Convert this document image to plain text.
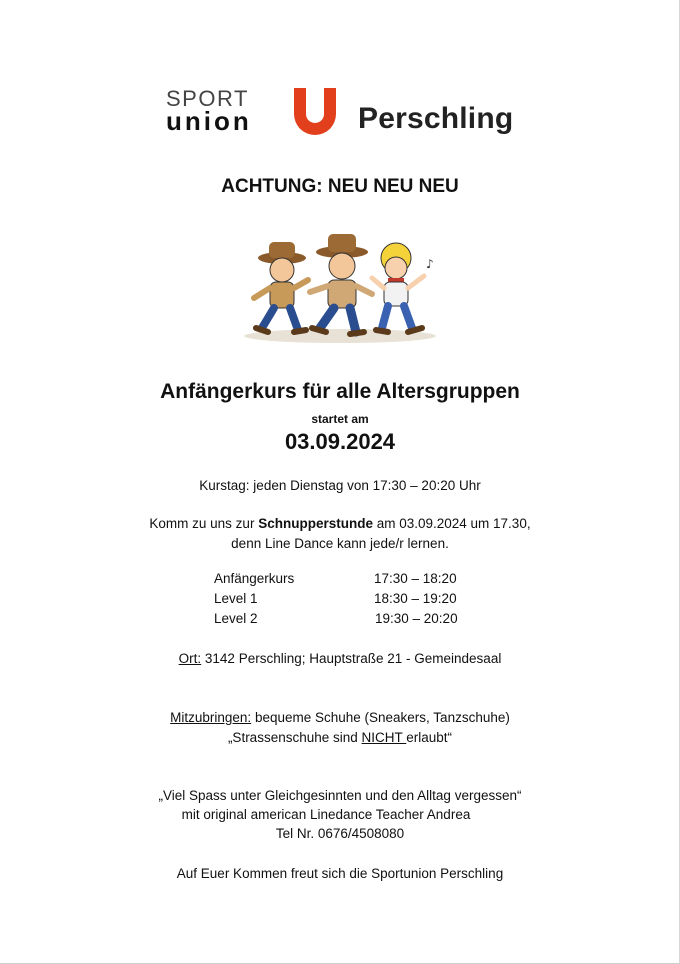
SPORT
union	Perschling
ACHTUNG: NEU NEU NEU
♪
Anfängerkurs für alle Altersgruppen
startet am
03.09.2024
Kurstag: jeden Dienstag von 17:30 – 20:20 Uhr
Komm zu uns zur Schnupperstunde am 03.09.2024 um 17.30,
denn Line Dance kann jede/r lernen.
Anfängerkurs	17:30 – 18:20
Level 1	18:30 – 19:20
Level 2	19:30 – 20:20
Ort: 3142 Perschling; Hauptstraße 21 - Gemeindesaal
Mitzubringen: bequeme Schuhe (Sneakers, Tanzschuhe)
„Strassenschuhe sind NICHT erlaubt“
„Viel Spass unter Gleichgesinnten und den Alltag vergessen“
mit original american Linedance Teacher Andrea
Tel Nr. 0676/4508080
Auf Euer Kommen freut sich die Sportunion Perschling
